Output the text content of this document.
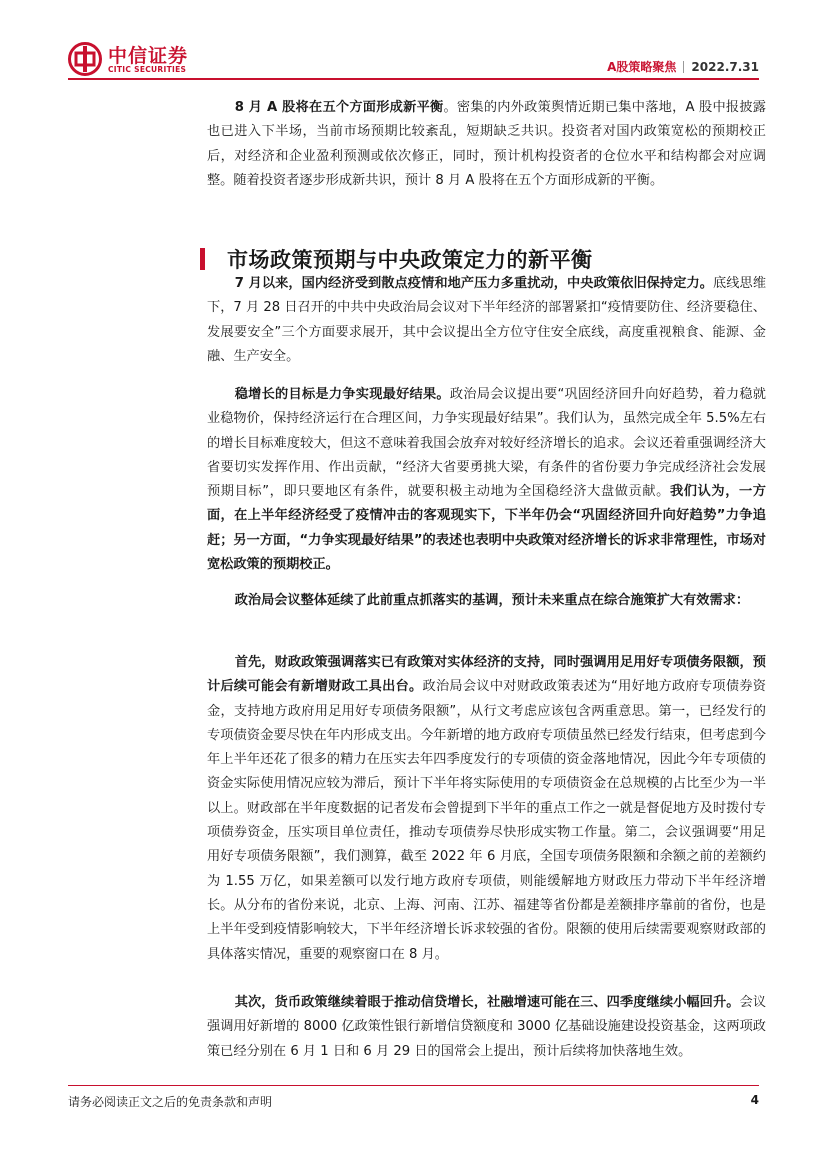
中信证券
CITIC SECURITIES	A股策略聚焦 2022.7.31

8 月 A 股将在五个方面形成新平衡。密集的内外政策舆情近期已集中落地，A 股中报披露也已进入下半场，当前市场预期比较紊乱，短期缺乏共识。投资者对国内政策宽松的预期校正后，对经济和企业盈利预测或依次修正，同时，预计机构投资者的仓位水平和结构都会对应调整。随着投资者逐步形成新共识，预计 8 月 A 股将在五个方面形成新的平衡。

市场政策预期与中央政策定力的新平衡

7 月以来，国内经济受到散点疫情和地产压力多重扰动，中央政策依旧保持定力。底线思维下，7 月 28 日召开的中共中央政治局会议对下半年经济的部署紧扣“疫情要防住、经济要稳住、发展要安全”三个方面要求展开，其中会议提出全方位守住安全底线，高度重视粮食、能源、金融、生产安全。

稳增长的目标是力争实现最好结果。政治局会议提出要“巩固经济回升向好趋势，着力稳就业稳物价，保持经济运行在合理区间，力争实现最好结果”。我们认为，虽然完成全年 5.5%左右的增长目标难度较大，但这不意味着我国会放弃对较好经济增长的追求。会议还着重强调经济大省要切实发挥作用、作出贡献，“经济大省要勇挑大梁，有条件的省份要力争完成经济社会发展预期目标”，即只要地区有条件，就要积极主动地为全国稳经济大盘做贡献。我们认为，一方面，在上半年经济经受了疫情冲击的客观现实下，下半年仍会“巩固经济回升向好趋势”力争追赶；另一方面，“力争实现最好结果”的表述也表明中央政策对经济增长的诉求非常理性，市场对宽松政策的预期校正。

政治局会议整体延续了此前重点抓落实的基调，预计未来重点在综合施策扩大有效需求：

首先，财政政策强调落实已有政策对实体经济的支持，同时强调用足用好专项债务限额，预计后续可能会有新增财政工具出台。政治局会议中对财政政策表述为“用好地方政府专项债券资金，支持地方政府用足用好专项债务限额”，从行文考虑应该包含两重意思。第一，已经发行的专项债资金要尽快在年内形成支出。今年新增的地方政府专项债虽然已经发行结束，但考虑到今年上半年还花了很多的精力在压实去年四季度发行的专项债的资金落地情况，因此今年专项债的资金实际使用情况应较为滞后，预计下半年将实际使用的专项债资金在总规模的占比至少为一半以上。财政部在半年度数据的记者发布会曾提到下半年的重点工作之一就是督促地方及时拨付专项债券资金，压实项目单位责任，推动专项债券尽快形成实物工作量。第二，会议强调要“用足用好专项债务限额”，我们测算，截至 2022 年 6 月底，全国专项债务限额和余额之前的差额约为 1.55 万亿，如果差额可以发行地方政府专项债，则能缓解地方财政压力带动下半年经济增长。从分布的省份来说，北京、上海、河南、江苏、福建等省份都是差额排序靠前的省份，也是上半年受到疫情影响较大，下半年经济增长诉求较强的省份。限额的使用后续需要观察财政部的具体落实情况，重要的观察窗口在 8 月。

其次，货币政策继续着眼于推动信贷增长，社融增速可能在三、四季度继续小幅回升。会议强调用好新增的 8000 亿政策性银行新增信贷额度和 3000 亿基础设施建设投资基金，这两项政策已经分别在 6 月 1 日和 6 月 29 日的国常会上提出，预计后续将加快落地生效。

请务必阅读正文之后的免责条款和声明	4
